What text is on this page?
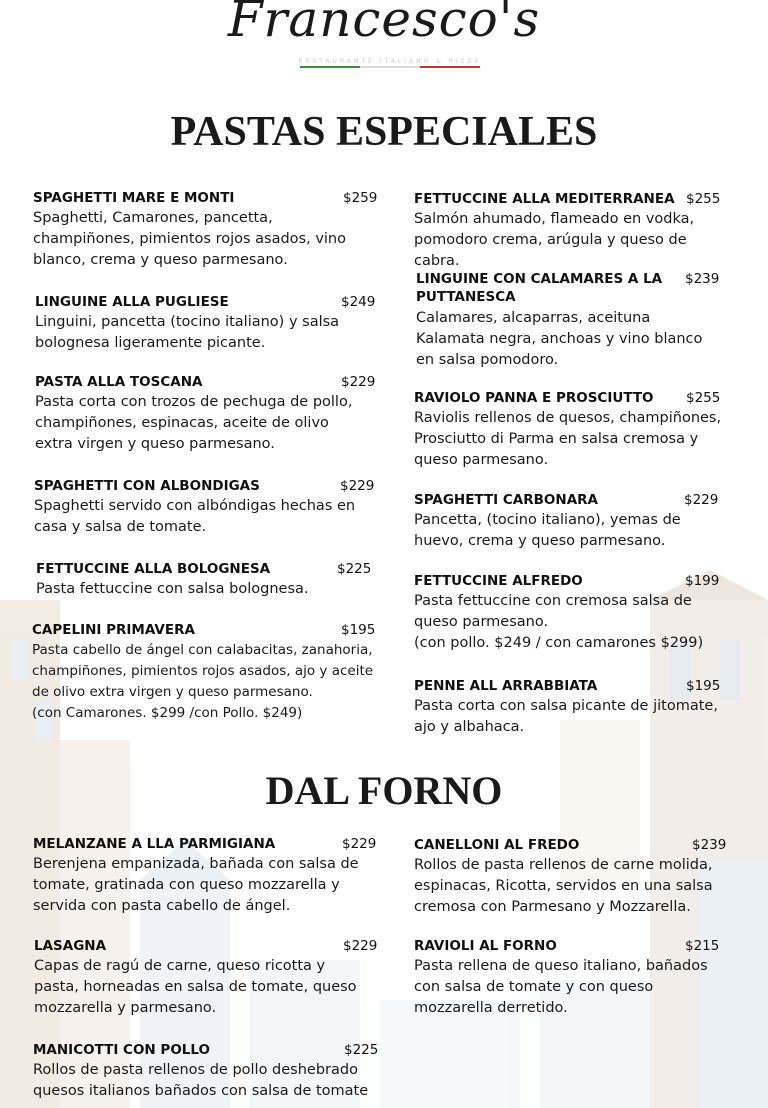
Francesco's
RESTAURANTE ITALIANO & PIZZA
PASTAS ESPECIALES
SPAGHETTI MARE E MONTI	$259

Spaghetti, Camarones, pancetta, champiñones, pimientos rojos asados, vino blanco, crema y queso parmesano.

LINGUINE ALLA PUGLIESE	$249

Linguini, pancetta (tocino italiano) y salsa bolognesa ligeramente picante.

PASTA ALLA TOSCANA	$229

Pasta corta con trozos de pechuga de pollo, champiñones, espinacas, aceite de olivo extra virgen y queso parmesano.

SPAGHETTI CON ALBONDIGAS	$229

Spaghetti servido con albóndigas hechas en casa y salsa de tomate.

FETTUCCINE ALLA BOLOGNESA	$225

Pasta fettuccine con salsa bolognesa.

CAPELINI PRIMAVERA	$195

Pasta cabello de ángel con calabacitas, zanahoria, champiñones, pimientos rojos asados, ajo y aceite de olivo extra virgen y queso parmesano.
(con Camarones. $299 /con Pollo. $249)

FETTUCCINE ALLA MEDITERRANEA $255

Salmón ahumado, flameado en vodka, pomodoro crema, arúgula y queso de cabra.

LINGUINE CON CALAMARES A LA PUTTANESCA
$239

Calamares, alcaparras, aceituna Kalamata negra, anchoas y vino blanco en salsa pomodoro.

RAVIOLO PANNA E PROSCIUTTO $255

Raviolis rellenos de quesos, champiñones, Prosciutto di Parma en salsa cremosa y queso parmesano.

SPAGHETTI CARBONARA	$229

Pancetta, (tocino italiano), yemas de huevo, crema y queso parmesano.

FETTUCCINE ALFREDO	$199

Pasta fettuccine con cremosa salsa de queso parmesano.
(con pollo. $249 / con camarones $299)

PENNE ALL ARRABBIATA	$195

Pasta corta con salsa picante de jitomate, ajo y albahaca.

DAL FORNO
MELANZANE A LLA PARMIGIANA	$229

Berenjena empanizada, bañada con salsa de tomate, gratinada con queso mozzarella y servida con pasta cabello de ángel.

LASAGNA	$229

Capas de ragú de carne, queso ricotta y pasta, horneadas en salsa de tomate, queso mozzarella y parmesano.

MANICOTTI CON POLLO	$225

Rollos de pasta rellenos de pollo deshebrado quesos italianos bañados con salsa de tomate

CANELLONI AL FREDO	$239

Rollos de pasta rellenos de carne molida, espinacas, Ricotta, servidos en una salsa cremosa con Parmesano y Mozzarella.

RAVIOLI AL FORNO	$215

Pasta rellena de queso italiano, bañados con salsa de tomate y con queso mozzarella derretido.
